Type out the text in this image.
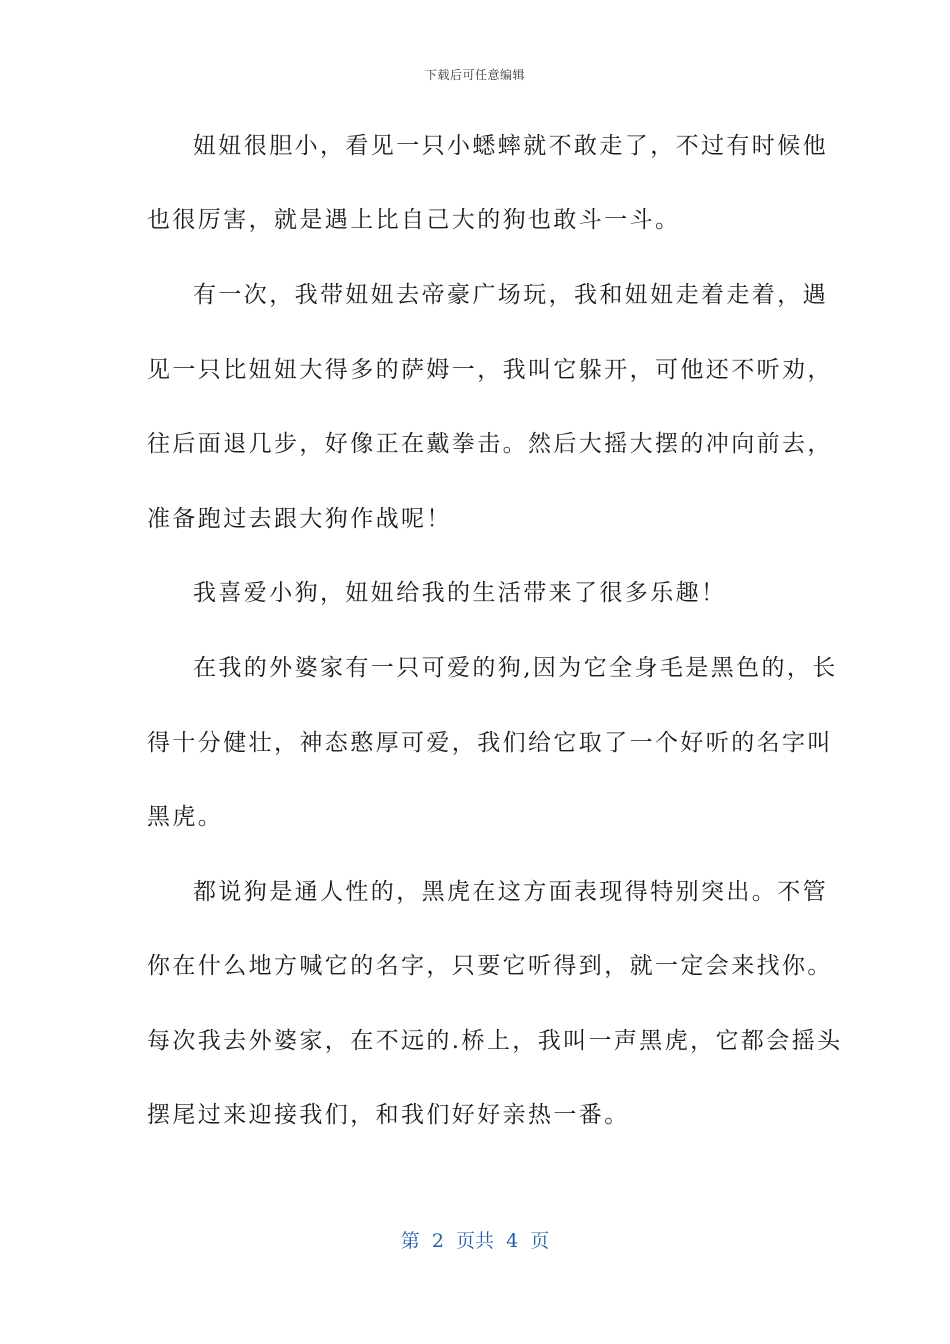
下载后可任意编辑
妞妞很胆小，看见一只小蟋蟀就不敢走了，不过有时候他
也很厉害，就是遇上比自己大的狗也敢斗一斗。
有一次，我带妞妞去帝豪广场玩，我和妞妞走着走着，遇
见一只比妞妞大得多的萨姆一，我叫它躲开，可他还不听劝，
往后面退几步，好像正在戴拳击。然后大摇大摆的冲向前去，
准备跑过去跟大狗作战呢！
我喜爱小狗，妞妞给我的生活带来了很多乐趣！
在我的外婆家有一只可爱的狗,因为它全身毛是黑色的，长
得十分健壮，神态憨厚可爱，我们给它取了一个好听的名字叫
黑虎。
都说狗是通人性的，黑虎在这方面表现得特别突出。不管
你在什么地方喊它的名字，只要它听得到，就一定会来找你。
每次我去外婆家，在不远的.桥上，我叫一声黑虎，它都会摇头
摆尾过来迎接我们，和我们好好亲热一番。
第  2  页共  4  页
